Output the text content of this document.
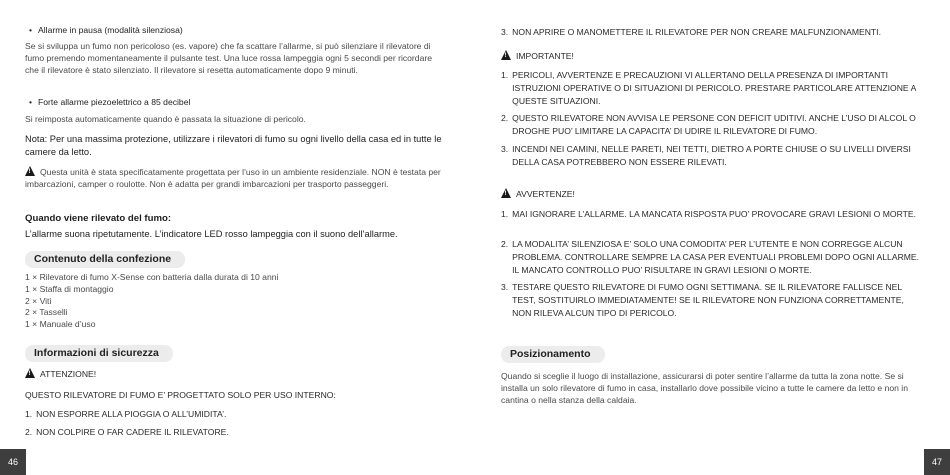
• Allarme in pausa (modalità silenziosa)
Se si sviluppa un fumo non pericoloso (es. vapore) che fa scattare l’allarme, si può silenziare il rilevatore di fumo premendo momentaneamente il pulsante test. Una luce rossa lampeggia ogni 5 secondi per ricordare che il rilevatore è stato silenziato. Il rilevatore si resetta automaticamente dopo 9 minuti.
• Forte allarme piezoelettrico a 85 decibel
Si reimposta automaticamente quando è passata la situazione di pericolo.
Nota: Per una massima protezione, utilizzare i rilevatori di fumo su ogni livello della casa ed in tutte le camere da letto.
!Questa unità è stata specificatamente progettata per l’uso in un ambiente residenziale. NON è testata per imbarcazioni, camper o roulotte. Non è adatta per grandi imbarcazioni per trasporto passeggeri.
Quando viene rilevato del fumo:
L’allarme suona ripetutamente. L’indicatore LED rosso lampeggia con il suono dell’allarme.
Contenuto della confezione
1 × Rilevatore di fumo X-Sense con batteria dalla durata di 10 anni
1 × Staffa di montaggio
2 × Viti
2 × Tasselli
1 × Manuale d’uso
Informazioni di sicurezza
!ATTENZIONE!
QUESTO RILEVATORE DI FUMO E’ PROGETTATO SOLO PER USO INTERNO:
1. NON ESPORRE ALLA PIOGGIA O ALL’UMIDITA’.
2. NON COLPIRE O FAR CADERE IL RILEVATORE.
46
3. NON APRIRE O MANOMETTERE IL RILEVATORE PER NON CREARE MALFUNZIONAMENTI.
!IMPORTANTE!
1. PERICOLI, AVVERTENZE E PRECAUZIONI VI ALLERTANO DELLA PRESENZA DI IMPORTANTI ISTRUZIONI OPERATIVE O DI SITUAZIONI DI PERICOLO. PRESTARE PARTICOLARE ATTENZIONE A QUESTE SITUAZIONI.
2. QUESTO RILEVATORE NON AVVISA LE PERSONE CON DEFICIT UDITIVI. ANCHE L’USO DI ALCOL O DROGHE PUO’ LIMITARE LA CAPACITA’ DI UDIRE IL RILEVATORE DI FUMO.
3. INCENDI NEI CAMINI, NELLE PARETI, NEI TETTI, DIETRO A PORTE CHIUSE O SU LIVELLI DIVERSI DELLA CASA POTREBBERO NON ESSERE RILEVATI.
!AVVERTENZE!
1. MAI IGNORARE L’ALLARME. LA MANCATA RISPOSTA PUO’ PROVOCARE GRAVI LESIONI O MORTE.
2. LA MODALITA’ SILENZIOSA E’ SOLO UNA COMODITA’ PER L’UTENTE E NON CORREGGE ALCUN PROBLEMA. CONTROLLARE SEMPRE LA CASA PER EVENTUALI PROBLEMI DOPO OGNI ALLARME. IL MANCATO CONTROLLO PUO’ RISULTARE IN GRAVI LESIONI O MORTE.
3. TESTARE QUESTO RILEVATORE DI FUMO OGNI SETTIMANA. SE IL RILEVATORE FALLISCE NEL TEST, SOSTITUIRLO IMMEDIATAMENTE! SE IL RILEVATORE NON FUNZIONA CORRETTAMENTE, NON RILEVA ALCUN TIPO DI PERICOLO.
Posizionamento
Quando si sceglie il luogo di installazione, assicurarsi di poter sentire l’allarme da tutta la zona notte. Se si installa un solo rilevatore di fumo in casa, installarlo dove possibile vicino a tutte le camere da letto e non in cantina o nella stanza della caldaia.
47
